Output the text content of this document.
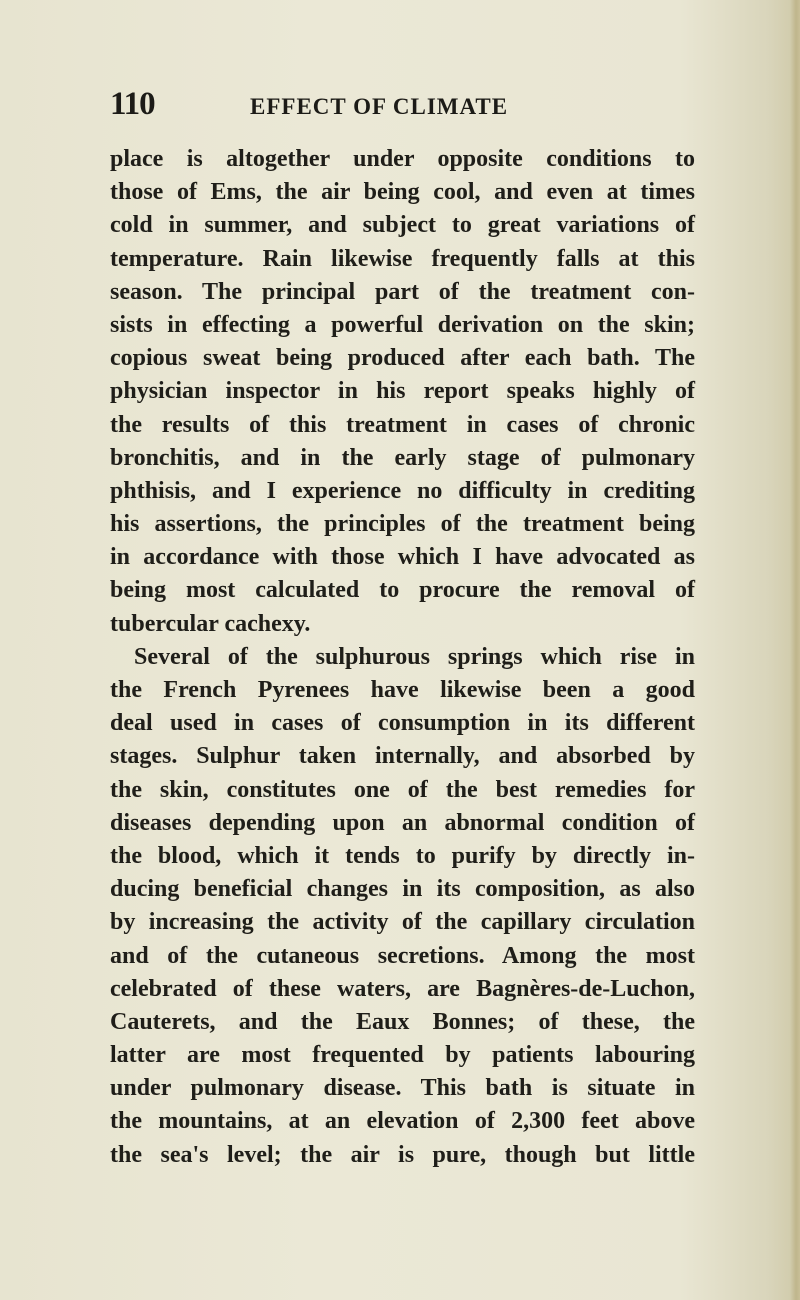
110	EFFECT OF CLIMATE
place is altogether under opposite conditions to
those of Ems, the air being cool, and even at times
cold in summer, and subject to great variations of
temperature. Rain likewise frequently falls at this
season. The principal part of the treatment con-
sists in effecting a powerful derivation on the skin;
copious sweat being produced after each bath. The
physician inspector in his report speaks highly of
the results of this treatment in cases of chronic
bronchitis, and in the early stage of pulmonary
phthisis, and I experience no difficulty in crediting
his assertions, the principles of the treatment being
in accordance with those which I have advocated as
being most calculated to procure the removal of
tubercular cachexy.
Several of the sulphurous springs which rise in
the French Pyrenees have likewise been a good
deal used in cases of consumption in its different
stages. Sulphur taken internally, and absorbed by
the skin, constitutes one of the best remedies for
diseases depending upon an abnormal condition of
the blood, which it tends to purify by directly in-
ducing beneficial changes in its composition, as also
by increasing the activity of the capillary circulation
and of the cutaneous secretions. Among the most
celebrated of these waters, are Bagnères-de-Luchon,
Cauterets, and the Eaux Bonnes; of these, the
latter are most frequented by patients labouring
under pulmonary disease. This bath is situate in
the mountains, at an elevation of 2,300 feet above
the sea's level; the air is pure, though but little
